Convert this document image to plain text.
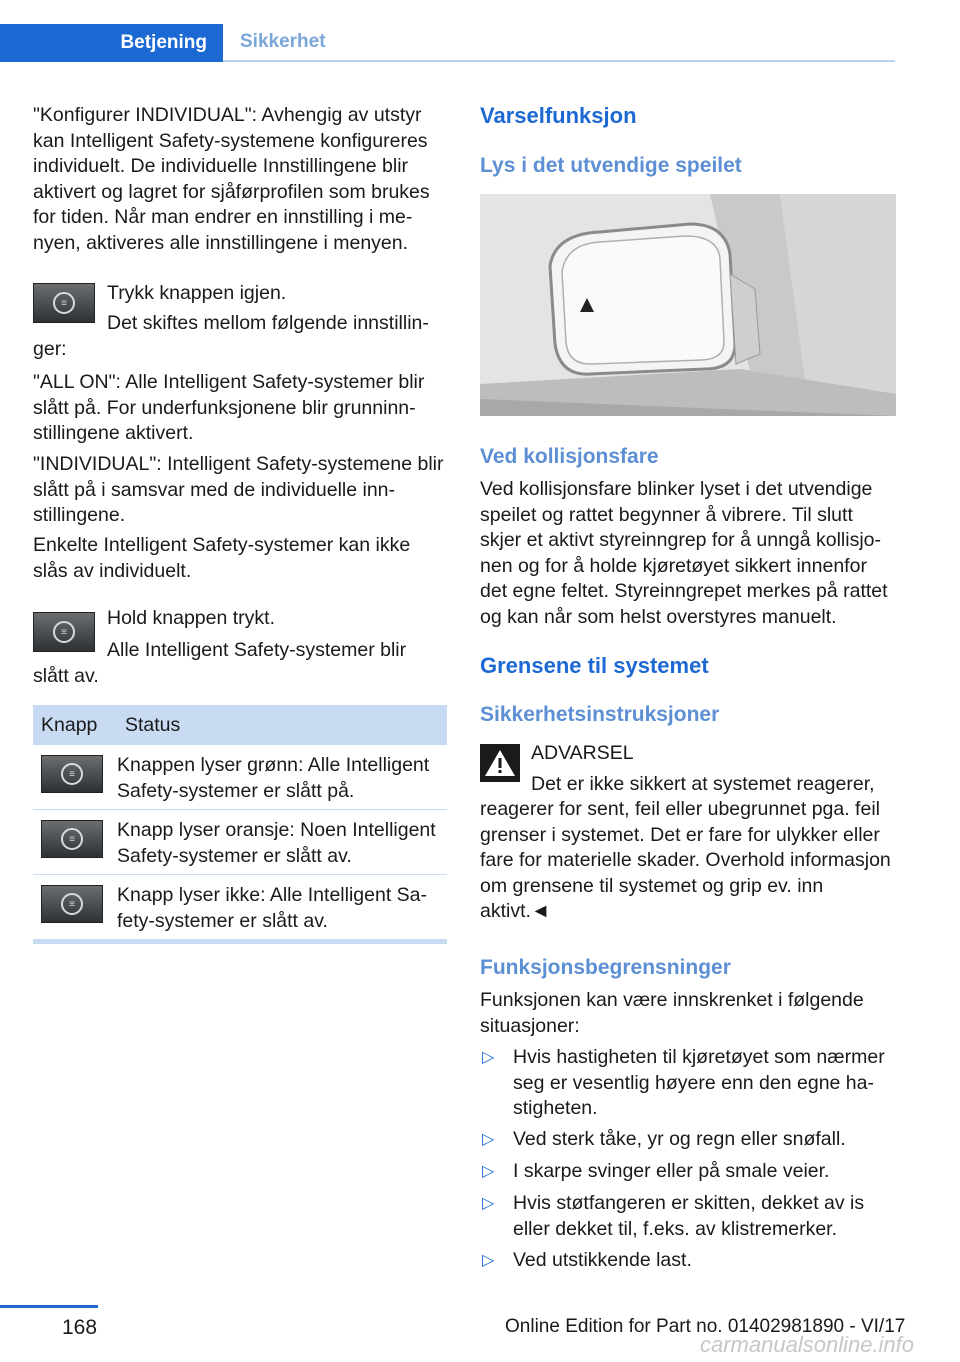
Betjening	Sikkerhet

"Konfigurer INDIVIDUAL": Avhengig av utstyr kan Intelligent Safety-systemene konfigureres individuelt. De individuelle Innstillingene blir aktivert og lagret for sjåførprofilen som brukes for tiden. Når man endrer en innstilling i menyen, aktiveres alle innstillingene i menyen.

≡	Trykk knappen igjen.

Det skiftes mellom følgende innstillinger:

"ALL ON": Alle Intelligent Safety-systemer blir slått på. For underfunksjonene blir grunninnstillingene aktivert.

"INDIVIDUAL": Intelligent Safety-systemene blir slått på i samsvar med de individuelle innstillingene.

Enkelte Intelligent Safety-systemer kan ikke slås av individuelt.

≡

Hold knappen trykt.

Alle Intelligent Safety-systemer blir slått av.

Knapp	Status
≡	Knappen lyser grønn: Alle Intelligent Safety-systemer er slått på.

≡	Knapp lyser oransje: Noen Intelligent Safety-systemer er slått av.

≡	Knapp lyser ikke: Alle Intelligent Safety-systemer er slått av.

Varselfunksjon
Lys i det utvendige speilet
Ved kollisjonsfare

Ved kollisjonsfare blinker lyset i det utvendige speilet og rattet begynner å vibrere. Til slutt skjer et aktivt styreinngrep for å unngå kollisjonen og for å holde kjøretøyet sikkert innenfor det egne feltet. Styreinngrepet merkes på rattet og kan når som helst overstyres manuelt.

Grensene til systemet
Sikkerhetsinstruksjoner

ADVARSEL

Det er ikke sikkert at systemet reagerer,

reagerer for sent, feil eller ubegrunnet pga. feil grenser i systemet. Det er fare for ulykker eller fare for materielle skader. Overhold informasjon om grensene til systemet og grip ev. inn aktivt.◄

Funksjonsbegrensninger

Funksjonen kan være innskrenket i følgende situasjoner:

▷ Hvis hastigheten til kjøretøyet som nærmer seg er vesentlig høyere enn den egne hastigheten.

▷ Ved sterk tåke, yr og regn eller snøfall.

▷ I skarpe svinger eller på smale veier.

▷ Hvis støtfangeren er skitten, dekket av is eller dekket til, f.eks. av klistremerker.

▷ Ved utstikkende last.

168	Online Edition for Part no. 01402981890 - VI/17
carmanualsonline.info
